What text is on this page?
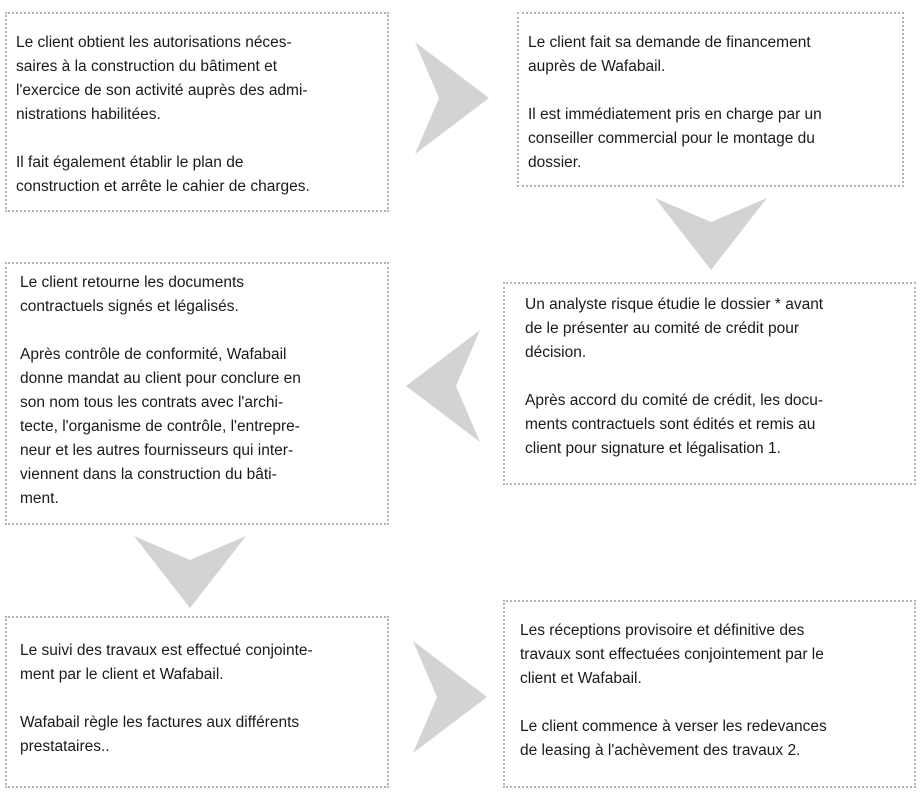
Le client obtient les autorisations néces-
saires à la construction du bâtiment et
l'exercice de son activité auprès des admi-
nistrations habilitées.

Il fait également établir le plan de
construction et arrête le cahier de charges.

Le client fait sa demande de financement
auprès de Wafabail.

Il est immédiatement pris en charge par un
conseiller commercial pour le montage du
dossier.

Un analyste risque étudie le dossier * avant
de le présenter au comité de crédit pour
décision.

Après accord du comité de crédit, les docu-
ments contractuels sont édités et remis au
client pour signature et légalisation 1.

Le client retourne les documents
contractuels signés et légalisés.

Après contrôle de conformité, Wafabail
donne mandat au client pour conclure en
son nom tous les contrats avec l'archi-
tecte, l'organisme de contrôle, l'entrepre-
neur et les autres fournisseurs qui inter-
viennent dans la construction du bâti-
ment.

Le suivi des travaux est effectué conjointe-
ment par le client et Wafabail.

Wafabail règle les factures aux différents
prestataires..

Les réceptions provisoire et définitive des
travaux sont effectuées conjointement par le
client et Wafabail.

Le client commence à verser les redevances
de leasing à l'achèvement des travaux 2.
